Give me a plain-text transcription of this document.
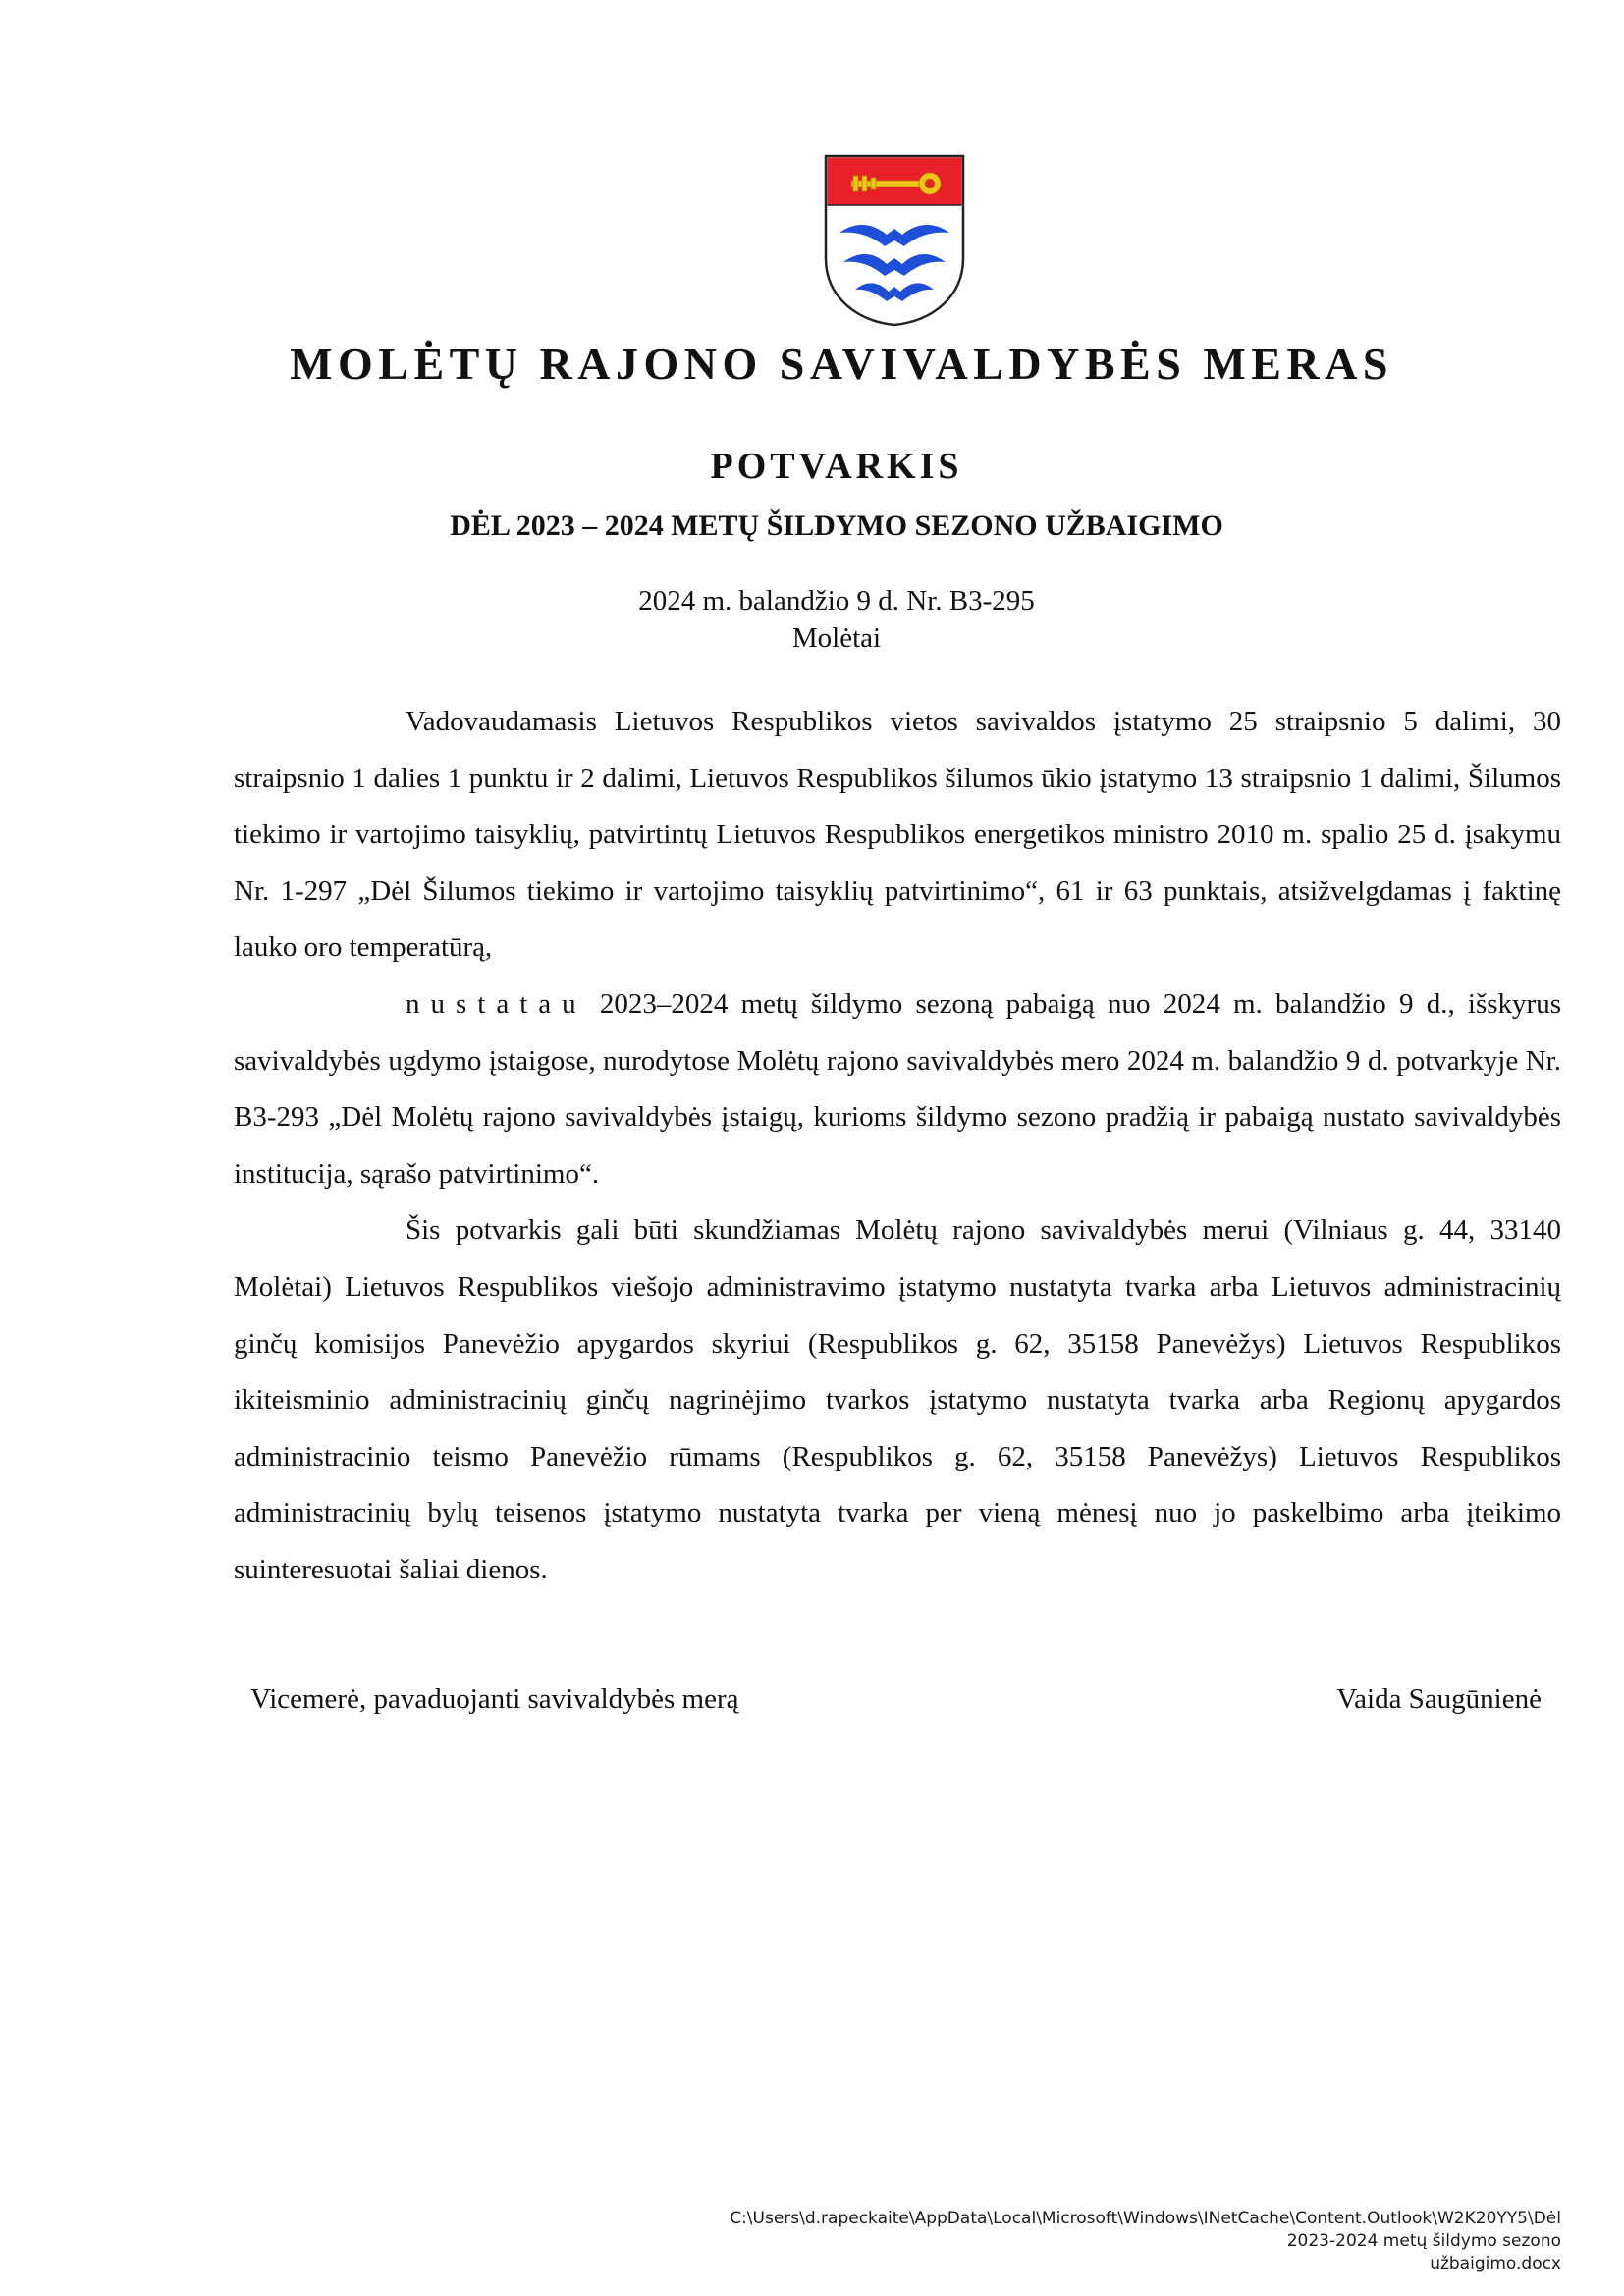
MOLĖTŲ RAJONO SAVIVALDYBĖS MERAS
POTVARKIS
DĖL 2023 – 2024 METŲ ŠILDYMO SEZONO UŽBAIGIMO
2024 m. balandžio 9 d. Nr. B3-295
Molėtai

Vadovaudamasis Lietuvos Respublikos vietos savivaldos įstatymo 25 straipsnio 5 dalimi, 30 straipsnio 1 dalies 1 punktu ir 2 dalimi, Lietuvos Respublikos šilumos ūkio įstatymo 13 straipsnio 1 dalimi, Šilumos tiekimo ir vartojimo taisyklių, patvirtintų Lietuvos Respublikos energetikos ministro 2010 m. spalio 25 d. įsakymu Nr. 1-297 „Dėl Šilumos tiekimo ir vartojimo taisyklių patvirtinimo“, 61 ir 63 punktais, atsižvelgdamas į faktinę lauko oro temperatūrą,

nustatau 2023–2024 metų šildymo sezoną pabaigą nuo 2024 m. balandžio 9 d., išskyrus savivaldybės ugdymo įstaigose, nurodytose Molėtų rajono savivaldybės mero 2024 m. balandžio 9 d. potvarkyje Nr. B3-293 „Dėl Molėtų rajono savivaldybės įstaigų, kurioms šildymo sezono pradžią ir pabaigą nustato savivaldybės institucija, sąrašo patvirtinimo“.

Šis potvarkis gali būti skundžiamas Molėtų rajono savivaldybės merui (Vilniaus g. 44, 33140 Molėtai) Lietuvos Respublikos viešojo administravimo įstatymo nustatyta tvarka arba Lietuvos administracinių ginčų komisijos Panevėžio apygardos skyriui (Respublikos g. 62, 35158 Panevėžys) Lietuvos Respublikos ikiteisminio administracinių ginčų nagrinėjimo tvarkos įstatymo nustatyta tvarka arba Regionų apygardos administracinio teismo Panevėžio rūmams (Respublikos g. 62, 35158 Panevėžys) Lietuvos Respublikos administracinių bylų teisenos įstatymo nustatyta tvarka per vieną mėnesį nuo jo paskelbimo arba įteikimo suinteresuotai šaliai dienos.

Vicemerė, pavaduojanti savivaldybės merą	Vaida Saugūnienė
C:\Users\d.rapeckaite\AppData\Local\Microsoft\Windows\INetCache\Content.Outlook\W2K20YY5\Dėl 2023-2024 metų šildymo sezono
užbaigimo.docx
